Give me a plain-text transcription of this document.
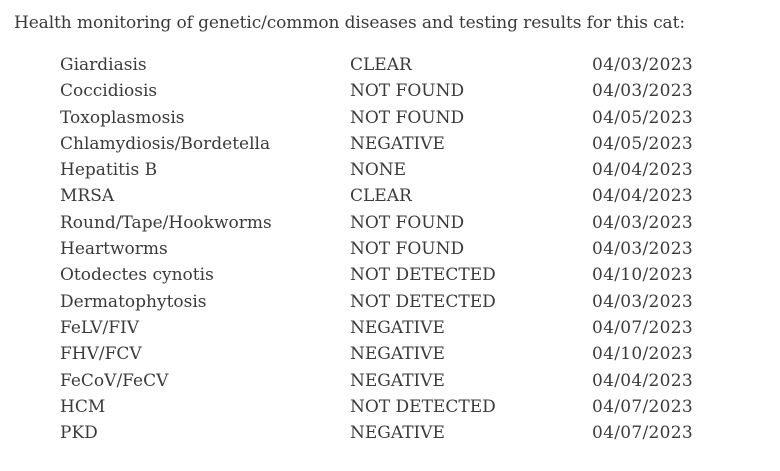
Health monitoring of genetic/common diseases and testing results for this cat:
Giardiasis	CLEAR	04/03/2023
Coccidiosis	NOT FOUND	04/03/2023
Toxoplasmosis	NOT FOUND	04/05/2023
Chlamydiosis/Bordetella	NEGATIVE	04/05/2023
Hepatitis B	NONE	04/04/2023
MRSA	CLEAR	04/04/2023
Round/Tape/Hookworms	NOT FOUND	04/03/2023
Heartworms	NOT FOUND	04/03/2023
Otodectes cynotis	NOT DETECTED	04/10/2023
Dermatophytosis	NOT DETECTED	04/03/2023
FeLV/FIV	NEGATIVE	04/07/2023
FHV/FCV	NEGATIVE	04/10/2023
FeCoV/FeCV	NEGATIVE	04/04/2023
HCM	NOT DETECTED	04/07/2023
PKD	NEGATIVE	04/07/2023
